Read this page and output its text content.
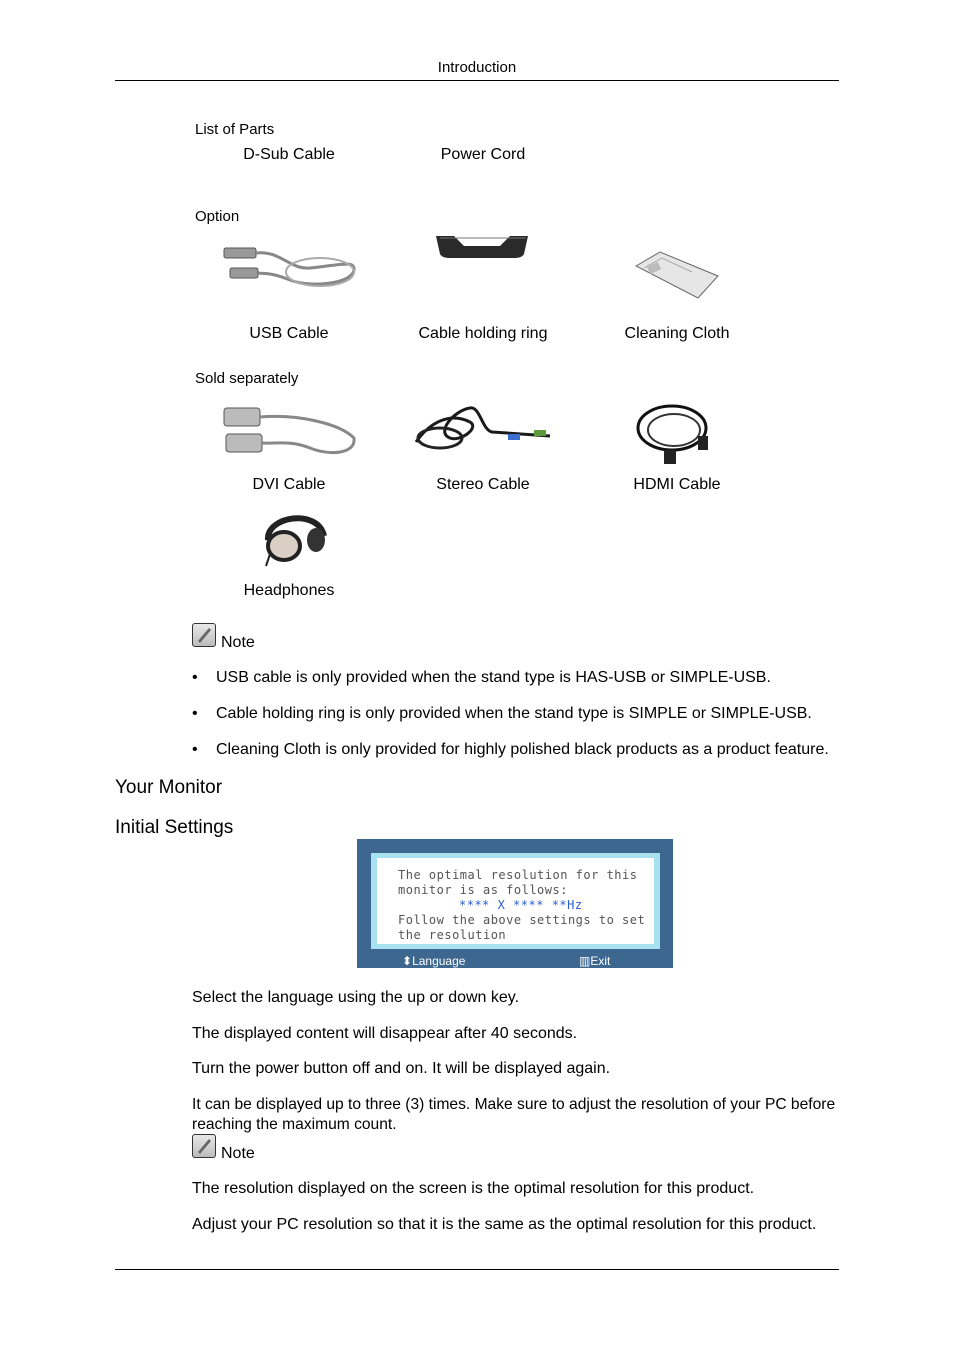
Introduction
List of Parts
D-Sub Cable	Power Cord
Option
USB Cable	Cable holding ring	Cleaning Cloth
Sold separately
DVI Cable	Stereo Cable	HDMI Cable
Headphones
Note
• USB cable is only provided when the stand type is HAS-USB or SIMPLE-USB.
• Cable holding ring is only provided when the stand type is SIMPLE or SIMPLE-USB.
• Cleaning Cloth is only provided for highly polished black products as a product feature.
Your Monitor
Initial Settings
The optimal resolution for this
monitor is as follows:
**** X **** **Hz
Follow the above settings to set
the resolution
⬍Language	▥Exit
Select the language using the up or down key.
The displayed content will disappear after 40 seconds.
Turn the power button off and on. It will be displayed again.
It can be displayed up to three (3) times. Make sure to adjust the resolution of your PC before reaching the maximum count.
Note
The resolution displayed on the screen is the optimal resolution for this product.
Adjust your PC resolution so that it is the same as the optimal resolution for this product.
